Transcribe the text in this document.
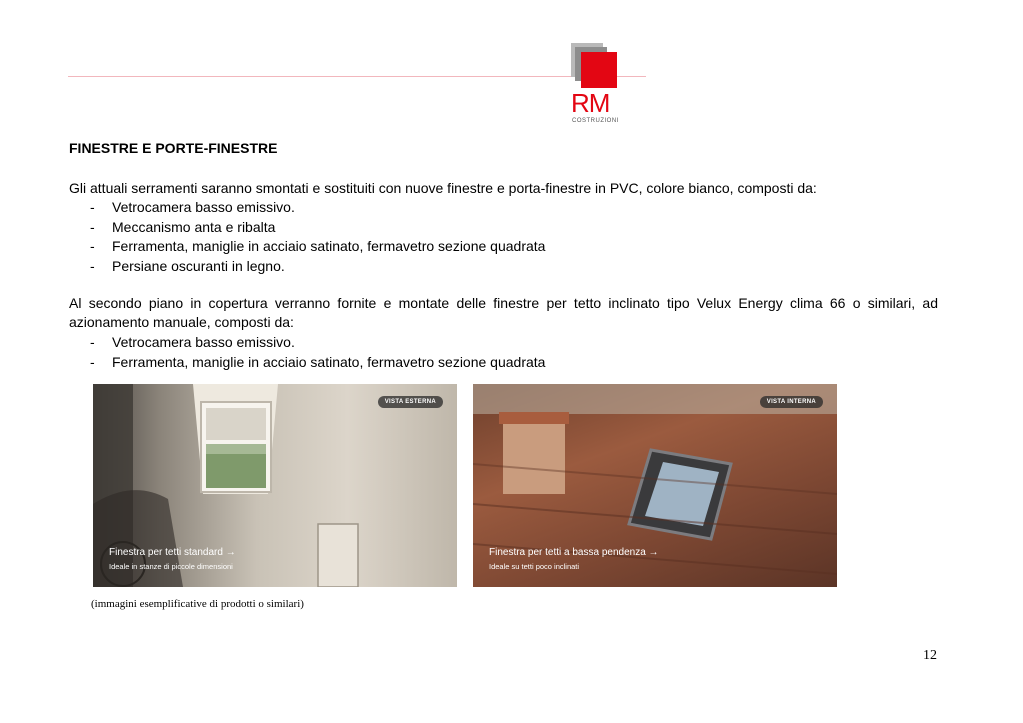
RM
COSTRUZIONI
FINESTRE E PORTE-FINESTRE
Gli attuali serramenti saranno smontati e sostituiti con nuove finestre e porta-finestre in PVC, colore bianco, composti da:
- Vetrocamera basso emissivo.
- Meccanismo anta e ribalta
- Ferramenta, maniglie in acciaio satinato, fermavetro sezione quadrata
- Persiane oscuranti in legno.
Al secondo piano in copertura verranno fornite e montate delle finestre per tetto inclinato tipo Velux Energy clima 66 o similari, ad azionamento manuale, composti da:
- Vetrocamera basso emissivo.
- Ferramenta, maniglie in acciaio satinato, fermavetro sezione quadrata
VISTA ESTERNA
Finestra per tetti standard →
Ideale in stanze di piccole dimensioni
VISTA INTERNA
Finestra per tetti a bassa pendenza →
Ideale su tetti poco inclinati
(immagini esemplificative di prodotti o similari)
12
